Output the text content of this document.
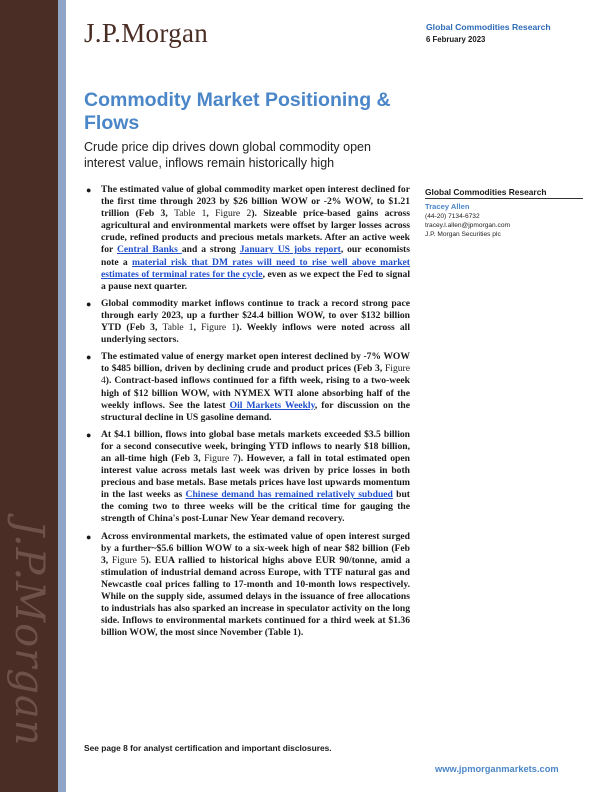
J.P.Morgan
J.P.Morgan	Global Commodities Research
6 February 2023
Commodity Market Positioning & Flows
Crude price dip drives down global commodity open interest value, inflows remain historically high
● The estimated value of global commodity market open interest declined for the first time through 2023 by $26 billion WOW or -2% WOW, to $1.21 trillion (Feb 3, Table 1, Figure 2). Sizeable price-based gains across agricultural and environmental markets were offset by larger losses across crude, refined products and precious metals markets. After an active week for Central Banks and a strong January US jobs report, our economists note a material risk that DM rates will need to rise well above market estimates of terminal rates for the cycle, even as we expect the Fed to signal a pause next quarter.
● Global commodity market inflows continue to track a record strong pace through early 2023, up a further $24.4 billion WOW, to over $132 billion YTD (Feb 3, Table 1, Figure 1). Weekly inflows were noted across all underlying sectors.
● The estimated value of energy market open interest declined by -7% WOW to $485 billion, driven by declining crude and product prices (Feb 3, Figure 4). Contract-based inflows continued for a fifth week, rising to a two-week high of $12 billion WOW, with NYMEX WTI alone absorbing half of the weekly inflows. See the latest Oil Markets Weekly, for discussion on the structural decline in US gasoline demand.
● At $4.1 billion, flows into global base metals markets exceeded $3.5 billion for a second consecutive week, bringing YTD inflows to nearly $18 billion, an all-time high (Feb 3, Figure 7). However, a fall in total estimated open interest value across metals last week was driven by price losses in both precious and base metals. Base metals prices have lost upwards momentum in the last weeks as Chinese demand has remained relatively subdued but the coming two to three weeks will be the critical time for gauging the strength of China's post-Lunar New Year demand recovery.
● Across environmental markets, the estimated value of open interest surged by a further~$5.6 billion WOW to a six-week high of near $82 billion (Feb 3, Figure 5). EUA rallied to historical highs above EUR 90/tonne, amid a stimulation of industrial demand across Europe, with TTF natural gas and Newcastle coal prices falling to 17-month and 10-month lows respectively. While on the supply side, assumed delays in the issuance of free allocations to industrials has also sparked an increase in speculator activity on the long side. Inflows to environmental markets continued for a third week at $1.36 billion WOW, the most since November (Table 1).
Global Commodities Research
Tracey Allen
(44-20) 7134-6732
tracey.l.allen@jpmorgan.com
J.P. Morgan Securities plc
See page 8 for analyst certification and important disclosures.
www.jpmorganmarkets.com
